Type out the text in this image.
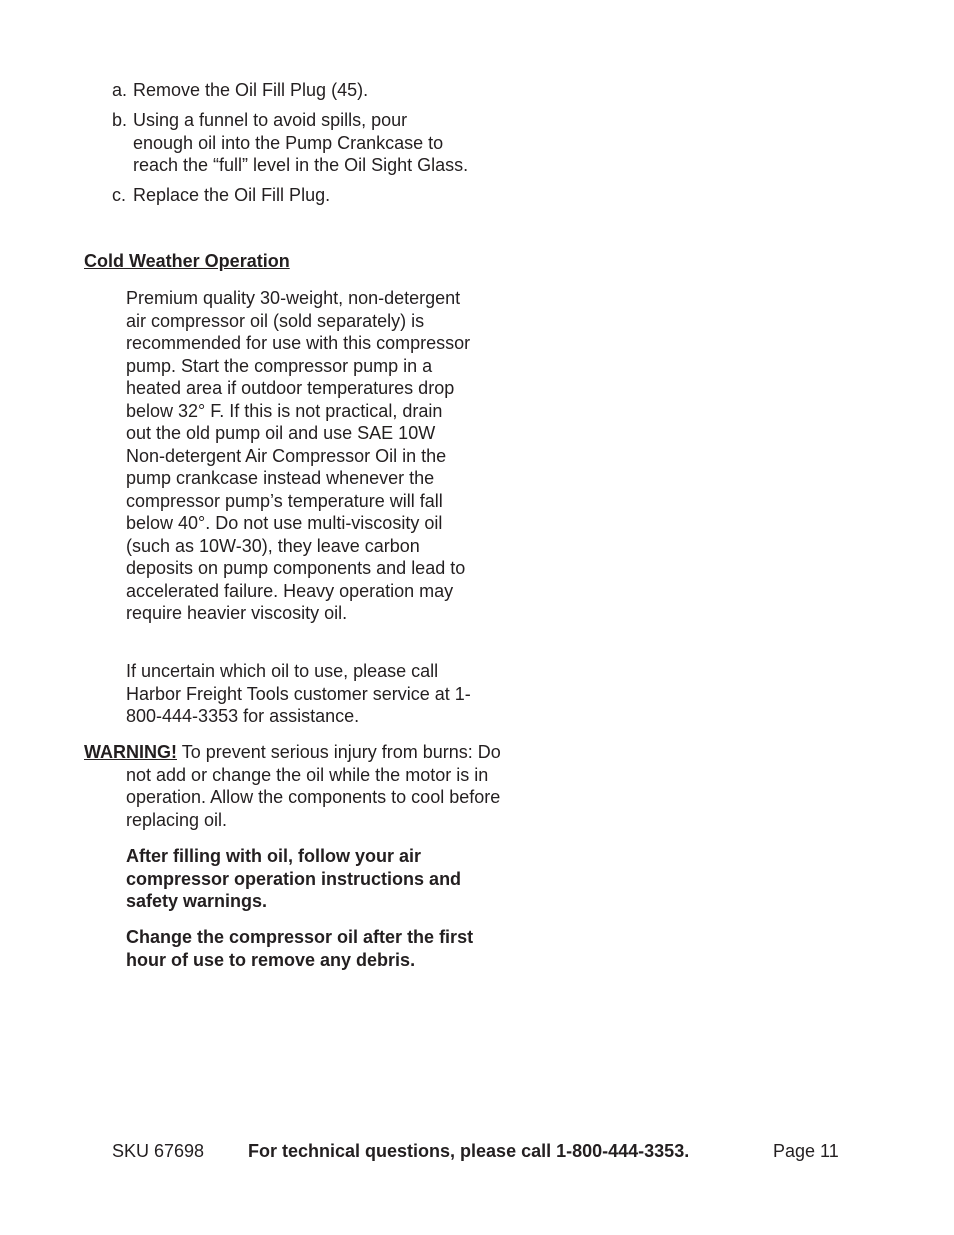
a. Remove the Oil Fill Plug (45).
b. Using a funnel to avoid spills, pour enough oil into the Pump Crankcase to reach the “full” level in the Oil Sight Glass.
c. Replace the Oil Fill Plug.
Cold Weather Operation

Premium quality 30-weight, non-detergent air compressor oil (sold separately) is recommended for use with this compressor pump. Start the compressor pump in a heated area if outdoor temperatures drop below 32° F. If this is not practical, drain out the old pump oil and use SAE 10W Non-detergent Air Compressor Oil in the pump crankcase instead whenever the compressor pump’s temperature will fall below 40°. Do not use multi-viscosity oil (such as 10W-30), they leave carbon deposits on pump components and lead to accelerated failure. Heavy operation may require heavier viscosity oil.

If uncertain which oil to use, please call Harbor Freight Tools customer service at 1-800-444-3353 for assistance.

WARNING! To prevent serious injury from burns: Do not add or change the oil while the motor is in operation. Allow the components to cool before replacing oil.

After filling with oil, follow your air compressor operation instructions and safety warnings.

Change the compressor oil after the first hour of use to remove any debris.

SKU 67698 For technical questions, please call 1-800-444-3353.	Page 11
